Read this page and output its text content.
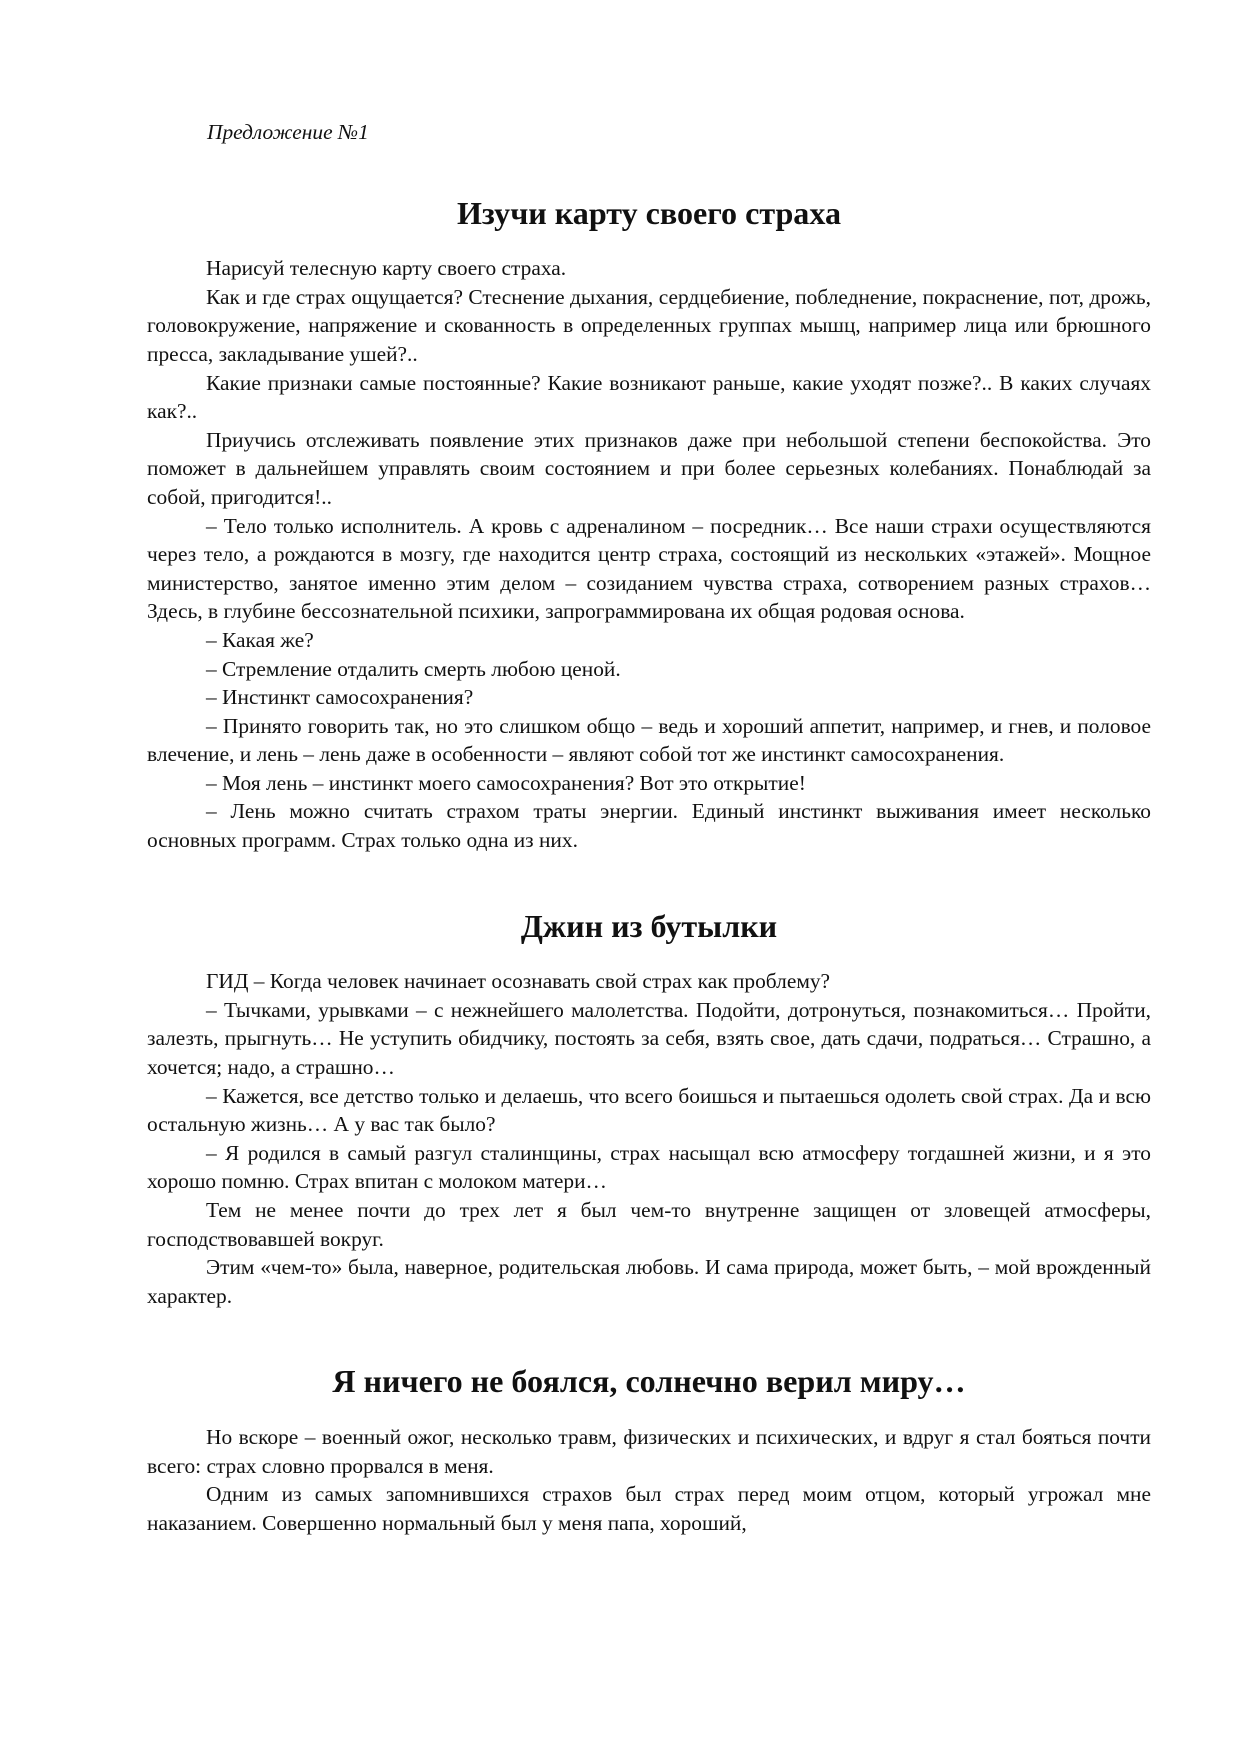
Предложение №1

Изучи карту своего страха

Нарисуй телесную карту своего страха.

Как и где страх ощущается? Стеснение дыхания, сердцебиение, побледнение, покраснение, пот, дрожь, головокружение, напряжение и скованность в определенных группах мышц, например лица или брюшного пресса, закладывание ушей?..

Какие признаки самые постоянные? Какие возникают раньше, какие уходят позже?.. В каких случаях как?..

Приучись отслеживать появление этих признаков даже при небольшой степени беспокойства. Это поможет в дальнейшем управлять своим состоянием и при более серьезных колебаниях. Понаблюдай за собой, пригодится!..

– Тело только исполнитель. А кровь с адреналином – посредник… Все наши страхи осуществляются через тело, а рождаются в мозгу, где находится центр страха, состоящий из нескольких «этажей». Мощное министерство, занятое именно этим делом – созиданием чувства страха, сотворением разных страхов… Здесь, в глубине бессознательной психики, запрограммирована их общая родовая основа.

– Какая же?

– Стремление отдалить смерть любою ценой.

– Инстинкт самосохранения?

– Принято говорить так, но это слишком общо – ведь и хороший аппетит, например, и гнев, и половое влечение, и лень – лень даже в особенности – являют собой тот же инстинкт самосохранения.

– Моя лень – инстинкт моего самосохранения? Вот это открытие!

– Лень можно считать страхом траты энергии. Единый инстинкт выживания имеет несколько основных программ. Страх только одна из них.

Джин из бутылки

ГИД – Когда человек начинает осознавать свой страх как проблему?

– Тычками, урывками – с нежнейшего малолетства. Подойти, дотронуться, познакомиться… Пройти, залезть, прыгнуть… Не уступить обидчику, постоять за себя, взять свое, дать сдачи, подраться… Страшно, а хочется; надо, а страшно…

– Кажется, все детство только и делаешь, что всего боишься и пытаешься одолеть свой страх. Да и всю остальную жизнь… А у вас так было?

– Я родился в самый разгул сталинщины, страх насыщал всю атмосферу тогдашней жизни, и я это хорошо помню. Страх впитан с молоком матери…

Тем не менее почти до трех лет я был чем-то внутренне защищен от зловещей атмосферы, господствовавшей вокруг.

Этим «чем-то» была, наверное, родительская любовь. И сама природа, может быть, – мой врожденный характер.

Я ничего не боялся, солнечно верил миру…

Но вскоре – военный ожог, несколько травм, физических и психических, и вдруг я стал бояться почти всего: страх словно прорвался в меня.

Одним из самых запомнившихся страхов был страх перед моим отцом, который угрожал мне наказанием. Совершенно нормальный был у меня папа, хороший,
